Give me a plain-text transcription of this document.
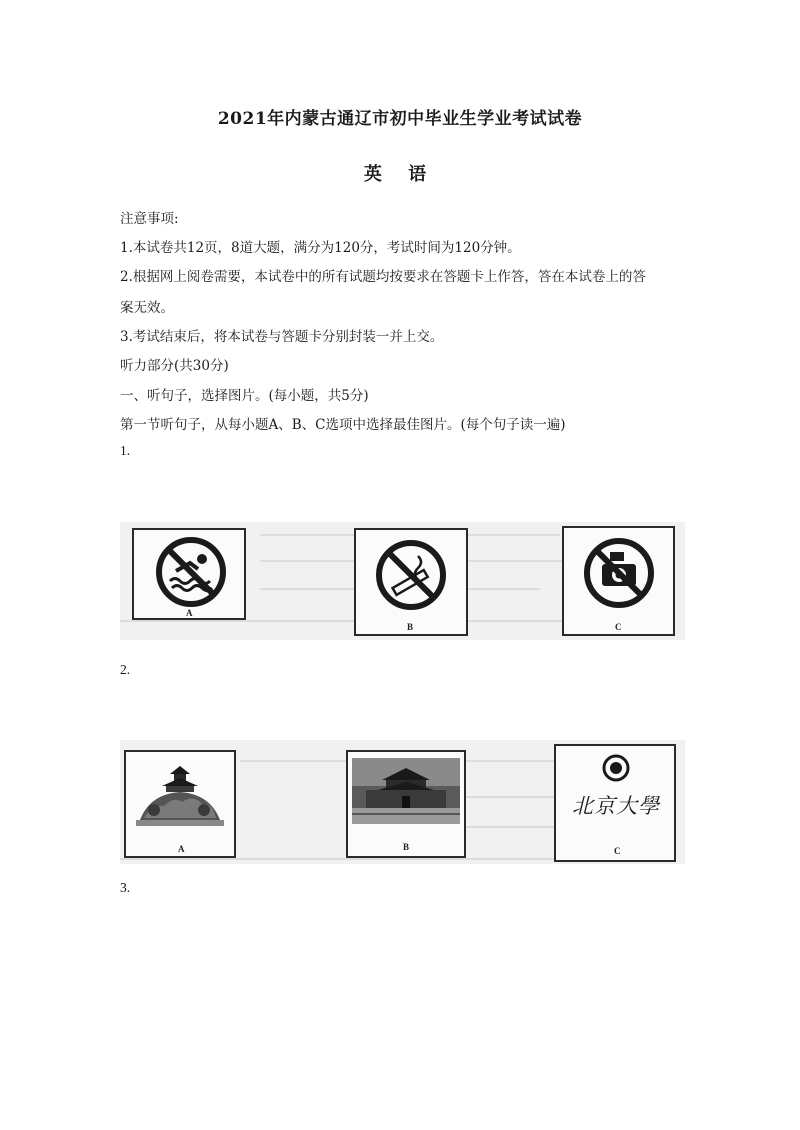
2021年内蒙古通辽市初中毕业生学业考试试卷
英 语
注意事项:
1.本试卷共12页，8道大题，满分为120分，考试时间为120分钟。
2.根据网上阅卷需要，本试卷中的所有试题均按要求在答题卡上作答，答在本试卷上的答
案无效。
3.考试结束后，将本试卷与答题卡分别封装一并上交。
听力部分(共30分)
一、听句子，选择图片。(每小题，共5分)
第一节听句子，从每小题A、B、C选项中选择最佳图片。(每个句子读一遍)
1.
A
B	C
2.
A	B
北京大學
C
3.
